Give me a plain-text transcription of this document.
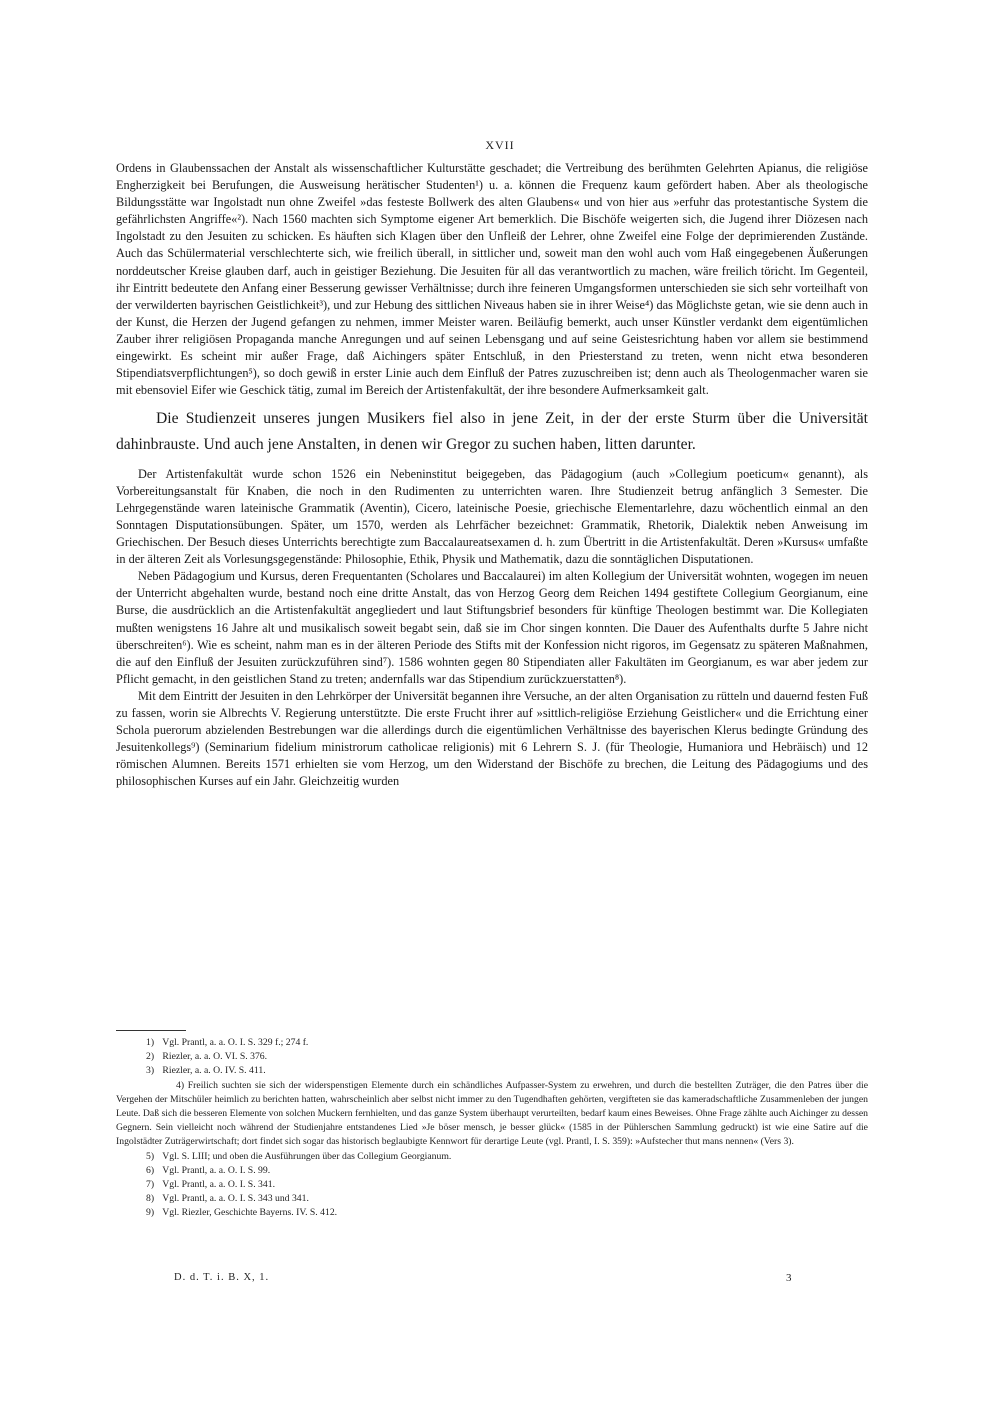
XVII

Ordens in Glaubenssachen der Anstalt als wissenschaftlicher Kulturstätte geschadet; die Vertreibung des berühmten Gelehrten Apianus, die religiöse Engherzigkeit bei Berufungen, die Ausweisung herätischer Studenten¹) u. a. können die Frequenz kaum gefördert haben. Aber als theologische Bildungsstätte war Ingolstadt nun ohne Zweifel »das festeste Bollwerk des alten Glaubens« und von hier aus »erfuhr das protestantische System die gefährlichsten Angriffe«²). Nach 1560 machten sich Symptome eigener Art bemerklich. Die Bischöfe weigerten sich, die Jugend ihrer Diözesen nach Ingolstadt zu den Jesuiten zu schicken. Es häuften sich Klagen über den Unfleiß der Lehrer, ohne Zweifel eine Folge der deprimierenden Zustände. Auch das Schülermaterial verschlechterte sich, wie freilich überall, in sittlicher und, soweit man den wohl auch vom Haß eingegebenen Äußerungen norddeutscher Kreise glauben darf, auch in geistiger Beziehung. Die Jesuiten für all das verantwortlich zu machen, wäre freilich töricht. Im Gegenteil, ihr Eintritt bedeutete den Anfang einer Besserung gewisser Verhältnisse; durch ihre feineren Umgangsformen unterschieden sie sich sehr vorteilhaft von der verwilderten bayrischen Geistlichkeit³), und zur Hebung des sittlichen Niveaus haben sie in ihrer Weise⁴) das Möglichste getan, wie sie denn auch in der Kunst, die Herzen der Jugend gefangen zu nehmen, immer Meister waren. Beiläufig bemerkt, auch unser Künstler verdankt dem eigentümlichen Zauber ihrer religiösen Propaganda manche Anregungen und auf seinen Lebensgang und auf seine Geistesrichtung haben vor allem sie bestimmend eingewirkt. Es scheint mir außer Frage, daß Aichingers später Entschluß, in den Priesterstand zu treten, wenn nicht etwa besonderen Stipendiatsverpflichtungen⁵), so doch gewiß in erster Linie auch dem Einfluß der Patres zuzuschreiben ist; denn auch als Theologenmacher waren sie mit ebensoviel Eifer wie Geschick tätig, zumal im Bereich der Artistenfakultät, der ihre besondere Aufmerksamkeit galt.

Die Studienzeit unseres jungen Musikers fiel also in jene Zeit, in der der erste Sturm über die Universität dahinbrauste. Und auch jene Anstalten, in denen wir Gregor zu suchen haben, litten darunter.

Der Artistenfakultät wurde schon 1526 ein Nebeninstitut beigegeben, das Pädagogium (auch »Collegium poeticum« genannt), als Vorbereitungsanstalt für Knaben, die noch in den Rudimenten zu unterrichten waren. Ihre Studienzeit betrug anfänglich 3 Semester. Die Lehrgegenstände waren lateinische Grammatik (Aventin), Cicero, lateinische Poesie, griechische Elementarlehre, dazu wöchentlich einmal an den Sonntagen Disputationsübungen. Später, um 1570, werden als Lehrfächer bezeichnet: Grammatik, Rhetorik, Dialektik neben Anweisung im Griechischen. Der Besuch dieses Unterrichts berechtigte zum Baccalaureatsexamen d. h. zum Übertritt in die Artistenfakultät. Deren »Kursus« umfaßte in der älteren Zeit als Vorlesungsgegenstände: Philosophie, Ethik, Physik und Mathematik, dazu die sonntäglichen Disputationen.

Neben Pädagogium und Kursus, deren Frequentanten (Scholares und Baccalaurei) im alten Kollegium der Universität wohnten, wogegen im neuen der Unterricht abgehalten wurde, bestand noch eine dritte Anstalt, das von Herzog Georg dem Reichen 1494 gestiftete Collegium Georgianum, eine Burse, die ausdrücklich an die Artistenfakultät angegliedert und laut Stiftungsbrief besonders für künftige Theologen bestimmt war. Die Kollegiaten mußten wenigstens 16 Jahre alt und musikalisch soweit begabt sein, daß sie im Chor singen konnten. Die Dauer des Aufenthalts durfte 5 Jahre nicht überschreiten⁶). Wie es scheint, nahm man es in der älteren Periode des Stifts mit der Konfession nicht rigoros, im Gegensatz zu späteren Maßnahmen, die auf den Einfluß der Jesuiten zurückzuführen sind⁷). 1586 wohnten gegen 80 Stipendiaten aller Fakultäten im Georgianum, es war aber jedem zur Pflicht gemacht, in den geistlichen Stand zu treten; andernfalls war das Stipendium zurückzuerstatten⁸).

Mit dem Eintritt der Jesuiten in den Lehrkörper der Universität begannen ihre Versuche, an der alten Organisation zu rütteln und dauernd festen Fuß zu fassen, worin sie Albrechts V. Regierung unterstützte. Die erste Frucht ihrer auf »sittlich-religiöse Erziehung Geistlicher« und die Errichtung einer Schola puerorum abzielenden Bestrebungen war die allerdings durch die eigentümlichen Verhältnisse des bayerischen Klerus bedingte Gründung des Jesuitenkollegs⁹) (Seminarium fidelium ministrorum catholicae religionis) mit 6 Lehrern S. J. (für Theologie, Humaniora und Hebräisch) und 12 römischen Alumnen. Bereits 1571 erhielten sie vom Herzog, um den Widerstand der Bischöfe zu brechen, die Leitung des Pädagogiums und des philosophischen Kurses auf ein Jahr. Gleichzeitig wurden

1) Vgl. Prantl, a. a. O. I. S. 329 f.; 274 f.

2) Riezler, a. a. O. VI. S. 376.

3) Riezler, a. a. O. IV. S. 411.

4) Freilich suchten sie sich der widerspenstigen Elemente durch ein schändliches Aufpasser-System zu erwehren, und durch die bestellten Zuträger, die den Patres über die Vergehen der Mitschüler heimlich zu berichten hatten, wahrscheinlich aber selbst nicht immer zu den Tugendhaften gehörten, vergifteten sie das kameradschaftliche Zusammenleben der jungen Leute. Daß sich die besseren Elemente von solchen Muckern fernhielten, und das ganze System überhaupt verurteilten, bedarf kaum eines Beweises. Ohne Frage zählte auch Aichinger zu dessen Gegnern. Sein vielleicht noch während der Studienjahre entstandenes Lied »Je böser mensch, je besser glück« (1585 in der Pühlerschen Sammlung gedruckt) ist wie eine Satire auf die Ingolstädter Zuträgerwirtschaft; dort findet sich sogar das historisch beglaubigte Kennwort für derartige Leute (vgl. Prantl, I. S. 359): »Aufstecher thut mans nennen« (Vers 3).

5) Vgl. S. LIII; und oben die Ausführungen über das Collegium Georgianum.

6) Vgl. Prantl, a. a. O. I. S. 99.

7) Vgl. Prantl, a. a. O. I. S. 341.

8) Vgl. Prantl, a. a. O. I. S. 343 und 341.

9) Vgl. Riezler, Geschichte Bayerns. IV. S. 412.

D. d. T. i. B. X, 1.	3
